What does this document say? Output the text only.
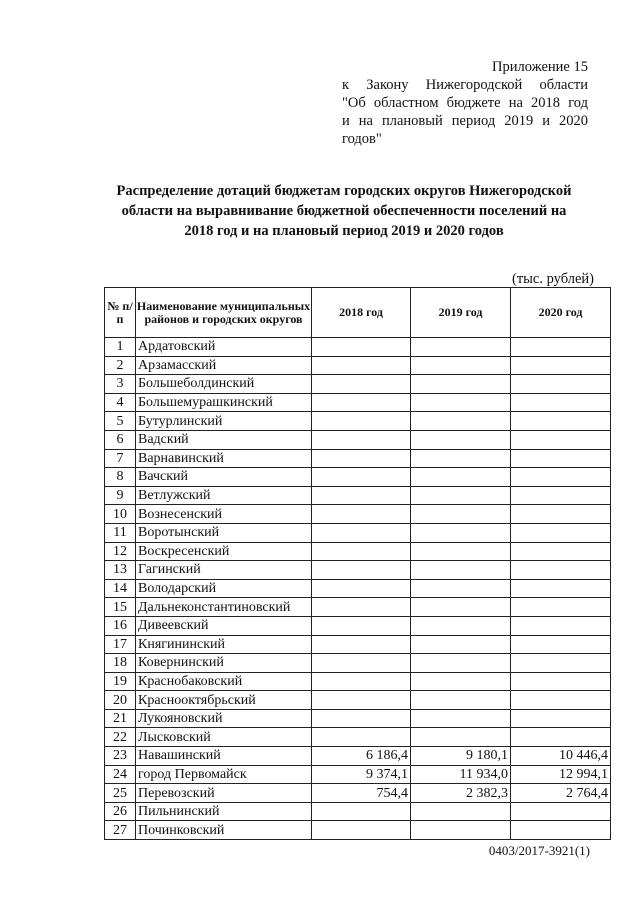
Приложение 15
к Закону Нижегородской области
"Об областном бюджете на 2018 год
и на плановый период 2019 и 2020
годов"
Распределение дотаций бюджетам городских округов Нижегородской
области на выравнивание бюджетной обеспеченности поселений на
2018 год и на плановый период 2019 и 2020 годов
(тыс. рублей)
№ п/п	Наименование муниципальных районов и городских округов	2018 год	2019 год	2020 год
1	Ардатовский			
2	Арзамасский			
3	Большеболдинский			
4	Большемурашкинский			
5	Бутурлинский			
6	Вадский			
7	Варнавинский			
8	Вачский			
9	Ветлужский			
10	Вознесенский			
11	Воротынский			
12	Воскресенский			
13	Гагинский			
14	Володарский			
15	Дальнеконстантиновский			
16	Дивеевский			
17	Княгининский			
18	Ковернинский			
19	Краснобаковский			
20	Краснооктябрьский			
21	Лукояновский			
22	Лысковский			
23	Навашинский	6 186,4	9 180,1	10 446,4
24	город Первомайск	9 374,1	11 934,0	12 994,1
25	Перевозский	754,4	2 382,3	2 764,4
26	Пильнинский			
27	Починковский			
0403/2017-3921(1)
